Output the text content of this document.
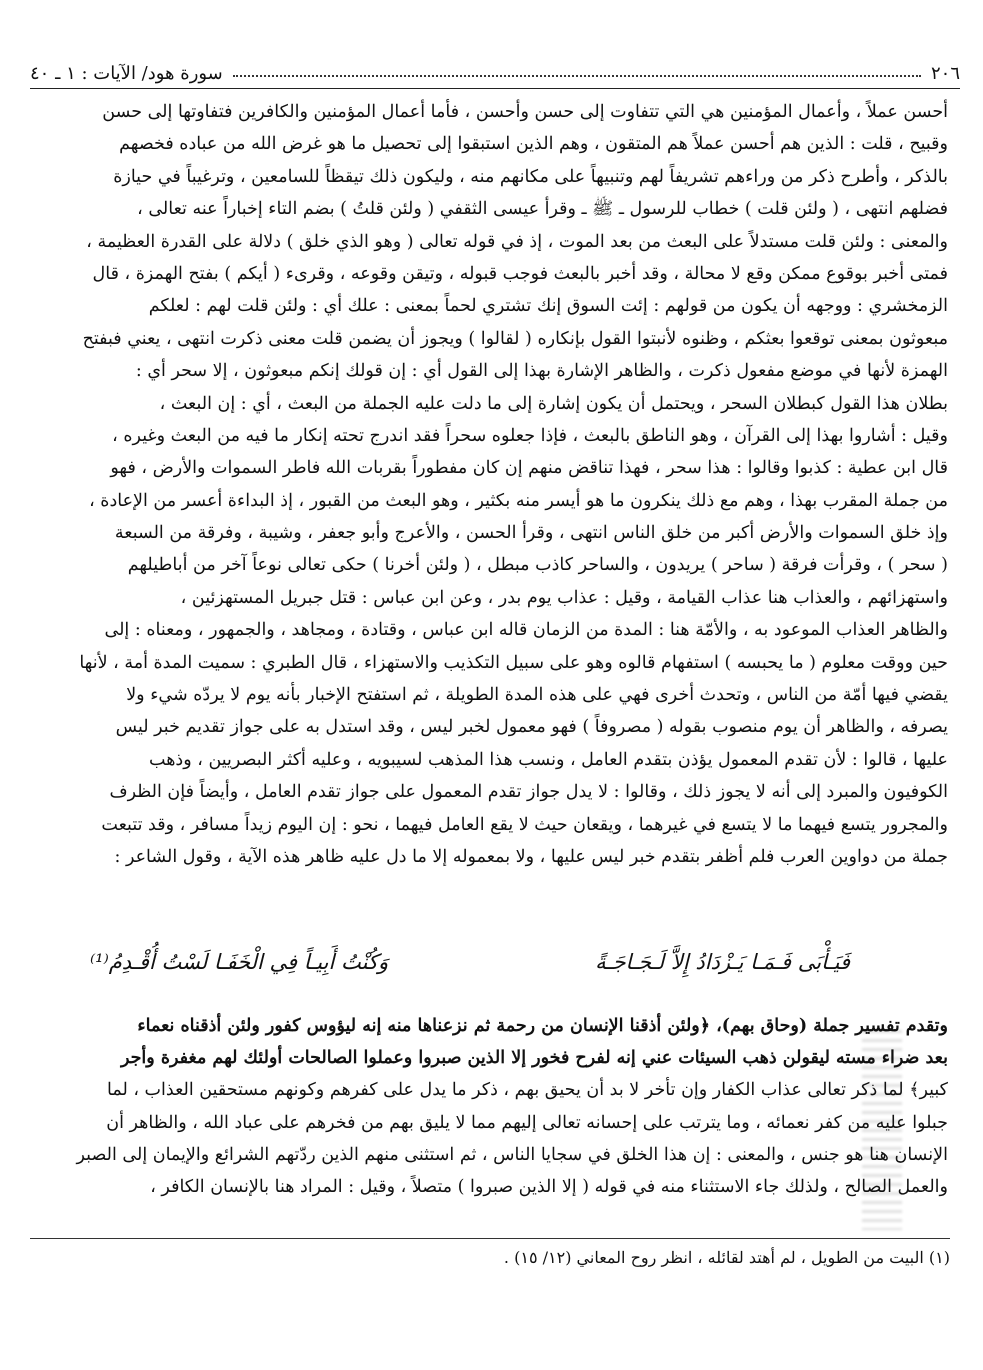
٢٠٦
سورة هود/ الآيات : ١ ـ ٤٠
أحسن عملاً ، وأعمال المؤمنين هي التي تتفاوت إلى حسن وأحسن ، فأما أعمال المؤمنين والكافرين فتفاوتها إلى حسن
وقبيح ، قلت : الذين هم أحسن عملاً هم المتقون ، وهم الذين استبقوا إلى تحصيل ما هو غرض الله من عباده فخصهم
بالذكر ، وأطرح ذكر من وراءهم تشريفاً لهم وتنبيهاً على مكانهم منه ، وليكون ذلك تيقظاً للسامعين ، وترغيباً في حيازة
فضلهم انتهى ، ( ولئن قلت ) خطاب للرسول ـ ﷺ ـ وقرأ عيسى الثقفي ( ولئن قلتُ ) بضم التاء إخباراً عنه تعالى ،
والمعنى : ولئن قلت مستدلاً على البعث من بعد الموت ، إذ في قوله تعالى ( وهو الذي خلق ) دلالة على القدرة العظيمة ،
فمتى أخبر بوقوع ممكن وقع لا محالة ، وقد أخبر بالبعث فوجب قبوله ، وتيقن وقوعه ، وقرىء ( أيكم ) بفتح الهمزة ، قال
الزمخشري : ووجهه أن يكون من قولهم : إئت السوق إنك تشتري لحماً بمعنى : علك أي : ولئن قلت لهم : لعلكم
مبعوثون بمعنى توقعوا بعثكم ، وظنوه لأنبتوا القول بإنكاره ( لقالوا ) ويجوز أن يضمن قلت معنى ذكرت انتهى ، يعني فبفتح
الهمزة لأنها في موضع مفعول ذكرت ، والظاهر الإشارة بهذا إلى القول أي : إن قولك إنكم مبعوثون ، إلا سحر أي :
بطلان هذا القول كبطلان السحر ، ويحتمل أن يكون إشارة إلى ما دلت عليه الجملة من البعث ، أي : إن البعث ،
وقيل : أشاروا بهذا إلى القرآن ، وهو الناطق بالبعث ، فإذا جعلوه سحراً فقد اندرج تحته إنكار ما فيه من البعث وغيره ،
قال ابن عطية : كذبوا وقالوا : هذا سحر ، فهذا تناقض منهم إن كان مفطوراً بقربات الله فاطر السموات والأرض ، فهو
من جملة المقرب بهذا ، وهم مع ذلك ينكرون ما هو أيسر منه بكثير ، وهو البعث من القبور ، إذ البداءة أعسر من الإعادة ،
وإذ خلق السموات والأرض أكبر من خلق الناس انتهى ، وقرأ الحسن ، والأعرج وأبو جعفر ، وشيبة ، وفرقة من السبعة
( سحر ) ، وقرأت فرقة ( ساحر ) يريدون ، والساحر كاذب مبطل ، ( ولئن أخرنا ) حكى تعالى نوعاً آخر من أباطيلهم
واستهزائهم ، والعذاب هنا عذاب القيامة ، وقيل : عذاب يوم بدر ، وعن ابن عباس : قتل جبريل المستهزئين ،
والظاهر العذاب الموعود به ، والأمّة هنا : المدة من الزمان قاله ابن عباس ، وقتادة ، ومجاهد ، والجمهور ، ومعناه : إلى
حين ووقت معلوم ( ما يحبسه ) استفهام قالوه وهو على سبيل التكذيب والاستهزاء ، قال الطبري : سميت المدة أمة ، لأنها
يقضي فيها أمّة من الناس ، وتحدث أخرى فهي على هذه المدة الطويلة ، ثم استفتح الإخبار بأنه يوم لا يردّه شيء ولا
يصرفه ، والظاهر أن يوم منصوب بقوله ( مصروفاً ) فهو معمول لخبر ليس ، وقد استدل به على جواز تقديم خبر ليس
عليها ، قالوا : لأن تقدم المعمول يؤذن بتقدم العامل ، ونسب هذا المذهب لسيبويه ، وعليه أكثر البصريين ، وذهب
الكوفيون والمبرد إلى أنه لا يجوز ذلك ، وقالوا : لا يدل جواز تقدم المعمول على جواز تقدم العامل ، وأيضاً فإن الظرف
والمجرور يتسع فيهما ما لا يتسع في غيرهما ، ويقعان حيث لا يقع العامل فيهما ، نحو : إن اليوم زيداً مسافر ، وقد تتبعت
جملة من دواوين العرب فلم أظفر بتقدم خبر ليس عليها ، ولا بمعموله إلا ما دل عليه ظاهر هذه الآية ، وقول الشاعر :
فَيَـأْبَى فَـمَـا يَـزْدَادُ إِلاَّ لَـجَـاجَـةً
وَكُنْتُ أَبِيـاً فِي الْخَفَـا لَسْتُ أُقْـدِمُ⁽¹⁾
وتقدم تفسير جملة (وحاق بهم)، ﴿ولئن أذقنا الإنسان من رحمة ثم نزعناها منه إنه ليؤوس كفور ولئن أذقناه نعماء
بعد ضراء مسته ليقولن ذهب السيئات عني إنه لفرح فخور إلا الذين صبروا وعملوا الصالحات أولئك لهم مغفرة وأجر
كبير﴾ لما ذكر تعالى عذاب الكفار وإن تأخر لا بد أن يحيق بهم ، ذكر ما يدل على كفرهم وكونهم مستحقين العذاب ، لما
جبلوا عليه من كفر نعمائه ، وما يترتب على إحسانه تعالى إليهم مما لا يليق بهم من فخرهم على عباد الله ، والظاهر أن
الإنسان هنا هو جنس ، والمعنى : إن هذا الخلق في سجايا الناس ، ثم استثنى منهم الذين ردّتهم الشرائع والإيمان إلى الصبر
والعمل الصالح ، ولذلك جاء الاستثناء منه في قوله ( إلا الذين صبروا ) متصلاً ، وقيل : المراد هنا بالإنسان الكافر ،
(١) البيت من الطويل ، لم أهتد لقائله ، انظر روح المعاني (١٢/ ١٥) .
